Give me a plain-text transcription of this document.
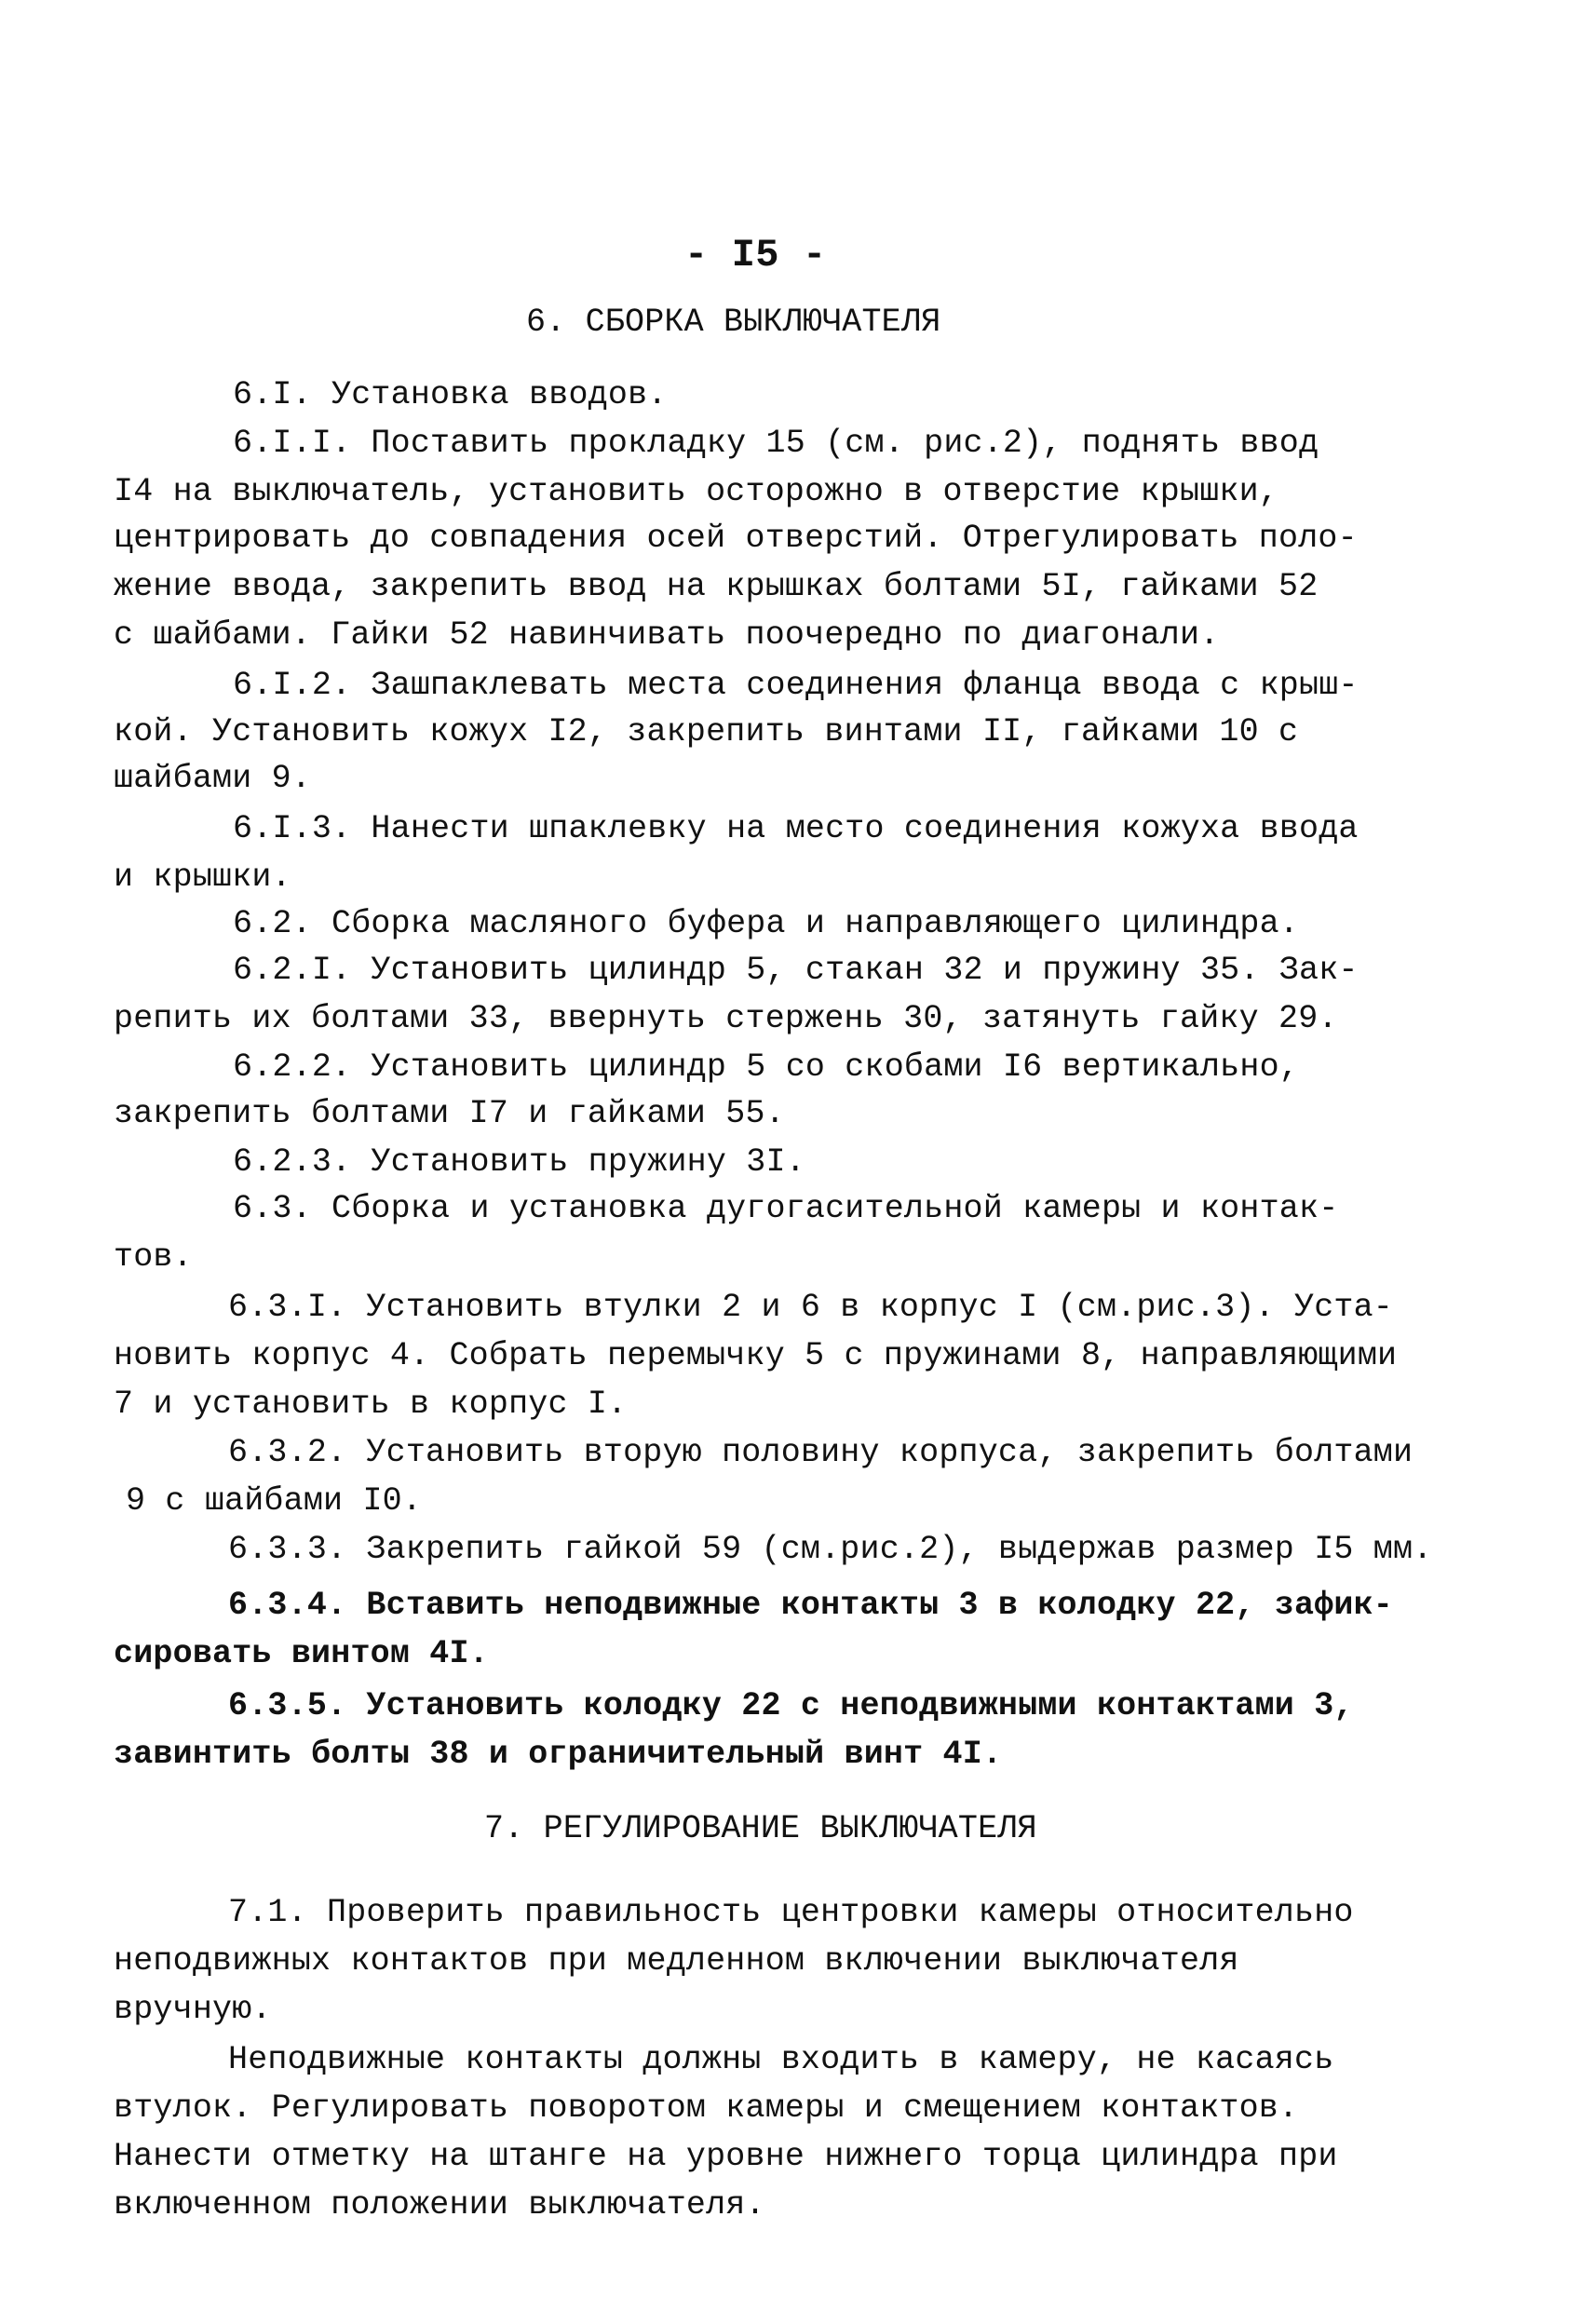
- I5 -
6. СБОРКА ВЫКЛЮЧАТЕЛЯ
6.I. Установка вводов.
6.I.I. Поставить прокладку 15 (см. рис.2), поднять ввод
I4 на выключатель, установить осторожно в отверстие крышки,
центрировать до совпадения осей отверстий. Отрегулировать поло-
жение ввода, закрепить ввод на крышках болтами 5I, гайками 52
с шайбами. Гайки 52 навинчивать поочередно по диагонали.
6.I.2. Зашпаклевать места соединения фланца ввода с крыш-
кой. Установить кожух I2, закрепить винтами II, гайками 10 с
шайбами 9.
6.I.3. Нанести шпаклевку на место соединения кожуха ввода
и крышки.
6.2. Сборка масляного буфера и направляющего цилиндра.
6.2.I. Установить цилиндр 5, стакан 32 и пружину 35. Зак-
репить их болтами 33, ввернуть стержень 30, затянуть гайку 29.
6.2.2. Установить цилиндр 5 со скобами I6 вертикально,
закрепить болтами I7 и гайками 55.
6.2.3. Установить пружину 3I.
6.3. Сборка и установка дугогасительной камеры и контак-
тов.
6.3.I. Установить втулки 2 и 6 в корпус I (см.рис.3). Уста-
новить корпус 4. Собрать перемычку 5 с пружинами 8, направляющими
7 и установить в корпус I.
6.3.2. Установить вторую половину корпуса, закрепить болтами
9 с шайбами I0.
6.3.3. Закрепить гайкой 59 (см.рис.2), выдержав размер I5 мм.
6.3.4. Вставить неподвижные контакты 3 в колодку 22, зафик-
сировать винтом 4I.
6.3.5. Установить колодку 22 с неподвижными контактами 3,
завинтить болты 38 и ограничительный винт 4I.
7. РЕГУЛИРОВАНИЕ ВЫКЛЮЧАТЕЛЯ
7.1. Проверить правильность центровки камеры относительно
неподвижных контактов при медленном включении выключателя
вручную.
Неподвижные контакты должны входить в камеру, не касаясь
втулок. Регулировать поворотом камеры и смещением контактов.
Нанести отметку на штанге на уровне нижнего торца цилиндра при
включенном положении выключателя.
